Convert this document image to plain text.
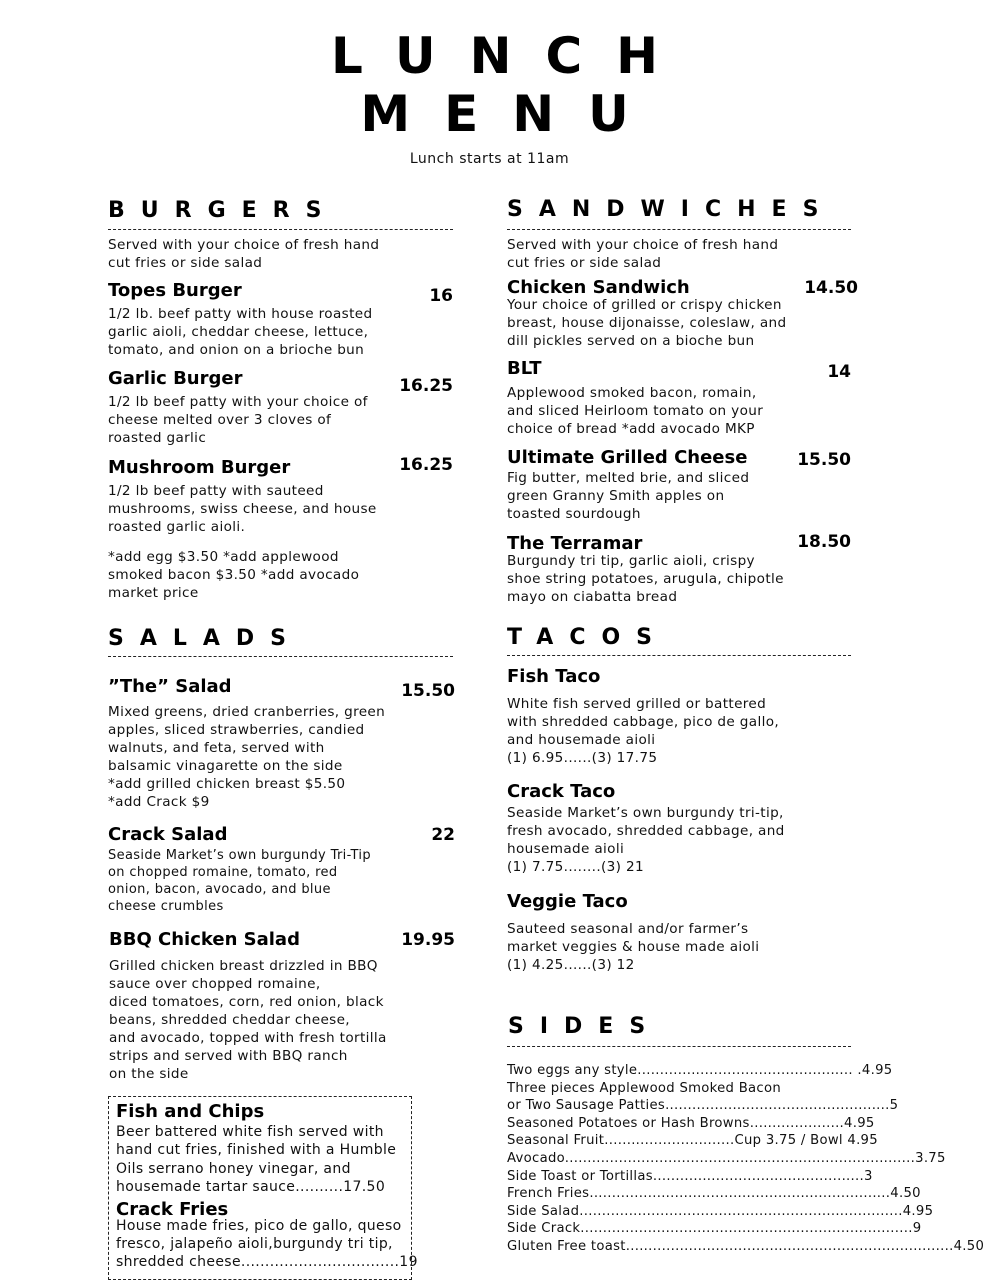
LUNCH
MENU
Lunch starts at 11am
BURGERS
Served with your choice of fresh hand
cut fries or side salad
Topes Burger	16
1/2 lb. beef patty with house roasted
garlic aioli, cheddar cheese, lettuce,
tomato, and onion on a brioche bun
Garlic Burger	16.25
1/2 lb beef patty with your choice of
cheese melted over 3 cloves of
roasted garlic
Mushroom Burger	16.25
1/2 lb beef patty with sauteed
mushrooms, swiss cheese, and house
roasted garlic aioli.
*add egg $3.50 *add applewood
smoked bacon $3.50 *add avocado
market price
SANDWICHES
Served with your choice of fresh hand
cut fries or side salad
Chicken Sandwich	14.50
Your choice of grilled or crispy chicken
breast, house dijonaisse, coleslaw, and
dill pickles served on a bioche bun
BLT	14
Applewood smoked bacon, romain,
and sliced Heirloom tomato on your
choice of bread *add avocado MKP
Ultimate Grilled Cheese	15.50
Fig butter, melted brie, and sliced
green Granny Smith apples on
toasted sourdough
The Terramar	18.50
Burgundy tri tip, garlic aioli, crispy
shoe string potatoes, arugula, chipotle
mayo on ciabatta bread
SALADS
”The” Salad	15.50
Mixed greens, dried cranberries, green
apples, sliced strawberries, candied
walnuts, and feta, served with
balsamic vinagarette on the side
*add grilled chicken breast $5.50
*add Crack $9
Crack Salad	22
Seaside Market’s own burgundy Tri-Tip
on chopped romaine, tomato, red
onion, bacon, avocado, and blue
cheese crumbles
BBQ Chicken Salad	19.95
Grilled chicken breast drizzled in BBQ
sauce over chopped romaine,
diced tomatoes, corn, red onion, black
beans, shredded cheddar cheese,
and avocado, topped with fresh tortilla
strips and served with BBQ ranch
on the side
Fish and Chips
Beer battered white fish served with
hand cut fries, finished with a Humble
Oils serrano honey vinegar, and
housemade tartar sauce..........17.50
Crack Fries
House made fries, pico de gallo, queso
fresco, jalapeño aioli,burgundy tri tip,
shredded cheese.................................19
TACOS
Fish Taco
White fish served grilled or battered
with shredded cabbage, pico de gallo,
and housemade aioli
(1) 6.95......(3) 17.75
Crack Taco
Seaside Market’s own burgundy tri-tip,
fresh avocado, shredded cabbage, and
housemade aioli
(1) 7.75........(3) 21
Veggie Taco
Sauteed seasonal and/or farmer’s
market veggies & house made aioli
(1) 4.25......(3) 12
SIDES
Two eggs any style................................................ .4.95
Three pieces Applewood Smoked Bacon
or Two Sausage Patties..................................................5
Seasoned Potatoes or Hash Browns.....................4.95
Seasonal Fruit.............................Cup 3.75 / Bowl 4.95
Avocado..............................................................................3.75
Side Toast or Tortillas...............................................3
French Fries...................................................................4.50
Side Salad........................................................................4.95
Side Crack..........................................................................9
Gluten Free toast.........................................................................4.50
